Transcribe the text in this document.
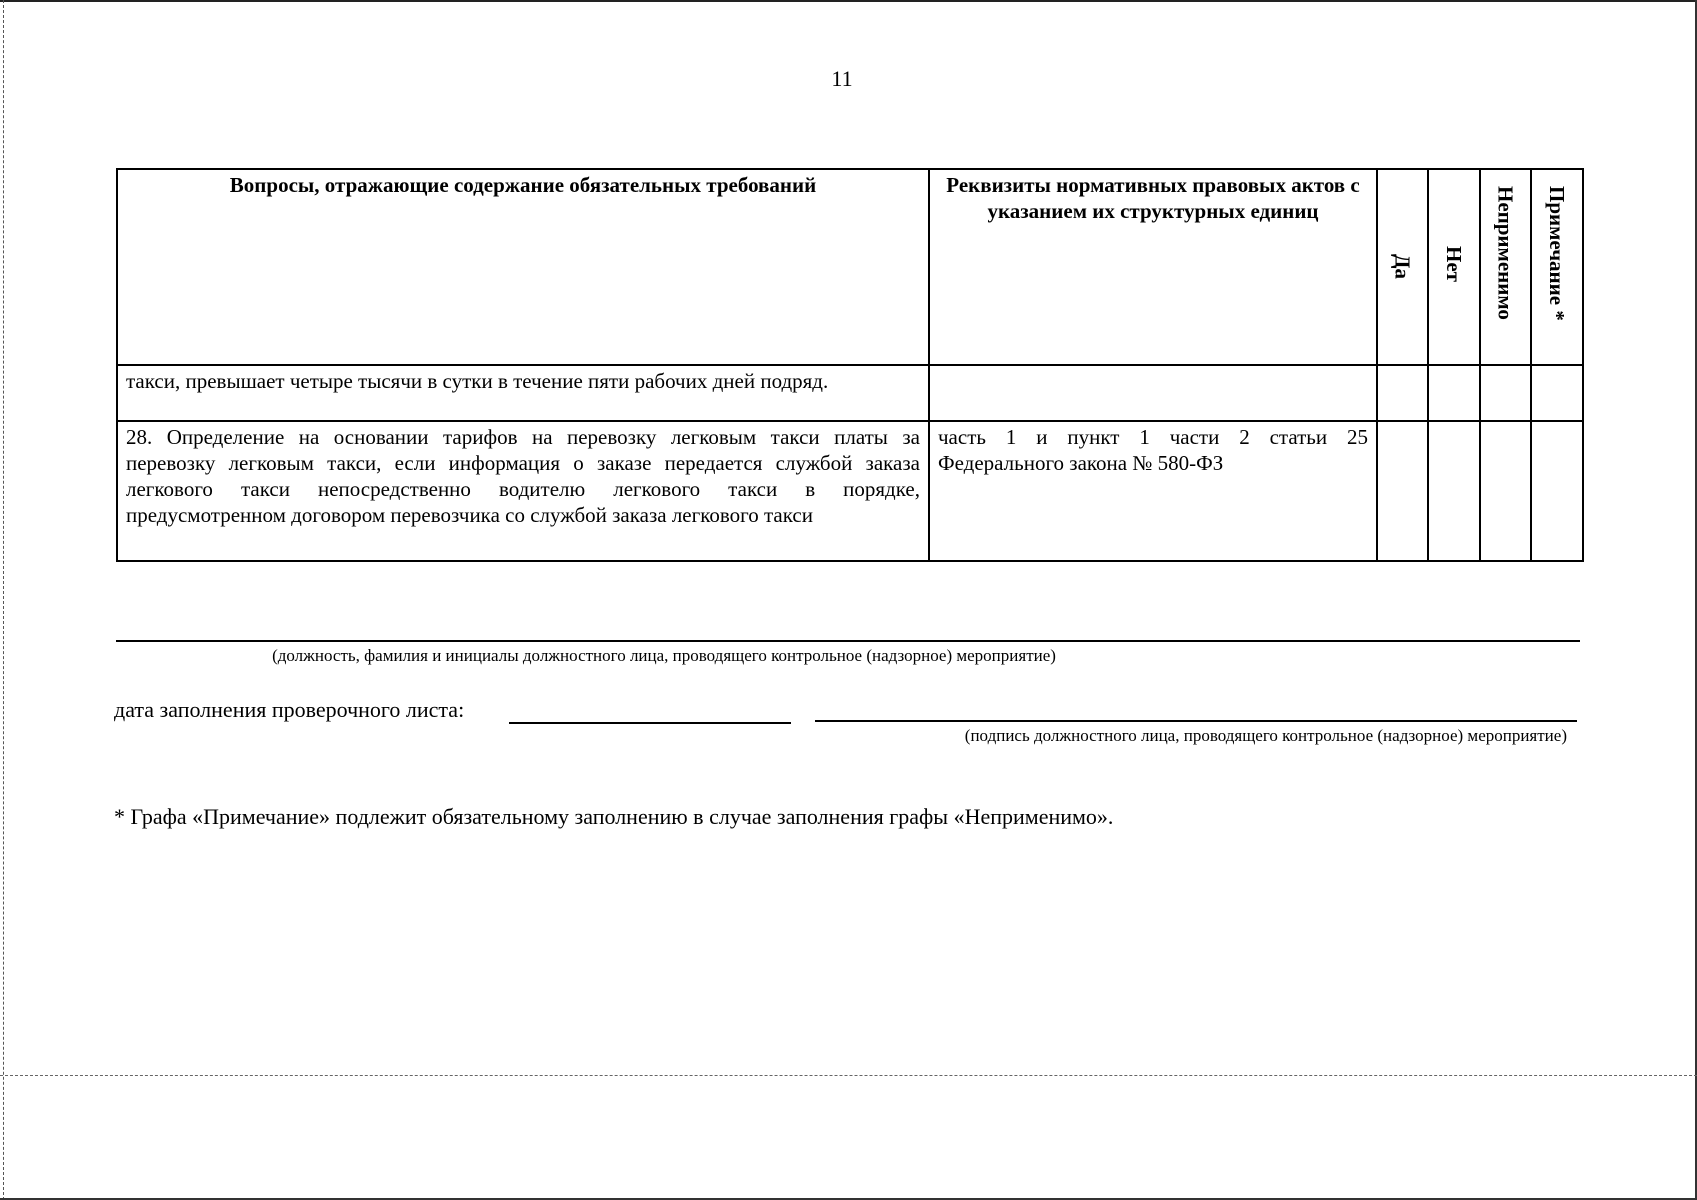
11
Вопросы, отражающие содержание обязательных требований	Реквизиты нормативных правовых актов с указанием их структурных единиц	Да	Нет	Неприменимо	Примечание *

такси, превышает четыре тысячи в сутки в течение пяти рабочих дней подряд.					
28. Определение на основании тарифов на перевозку легковым такси платы за перевозку легковым такси, если информация о заказе передается службой заказа легкового такси непосредственно водителю легкового такси в порядке, предусмотренном договором перевозчика со службой заказа легкового такси	часть 1 и пункт 1 части 2 статьи 25 Федерального закона № 580-ФЗ				
(должность, фамилия и инициалы должностного лица, проводящего контрольное (надзорное) мероприятие)
дата заполнения проверочного листа:
(подпись должностного лица, проводящего контрольное (надзорное) мероприятие)
* Графа «Примечание» подлежит обязательному заполнению в случае заполнения графы «Неприменимо».
